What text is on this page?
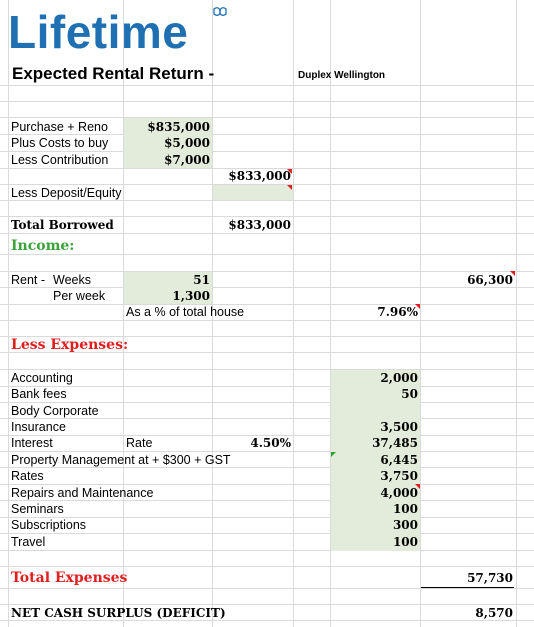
Lifetime
Expected Rental Return -	Duplex Wellington
Purchase + Reno	$835,000
Plus Costs to buy	$5,000
Less Contribution	$7,000
$833,000
Less Deposit/Equity
Total Borrowed	$833,000
Income:
Rent - Weeks	51	66,300
Per week	1,300
As a % of total house	7.96%
Less Expenses:
Accounting	2,000
Bank fees	50
Body Corporate
Insurance	3,500
Interest	Rate	4.50%	37,485
Property Management at + $300 + GST	6,445
Rates	3,750
Repairs and Maintenance	4,000
Seminars	100
Subscriptions	300
Travel	100
Total Expenses	57,730
NET CASH SURPLUS (DEFICIT)	8,570
